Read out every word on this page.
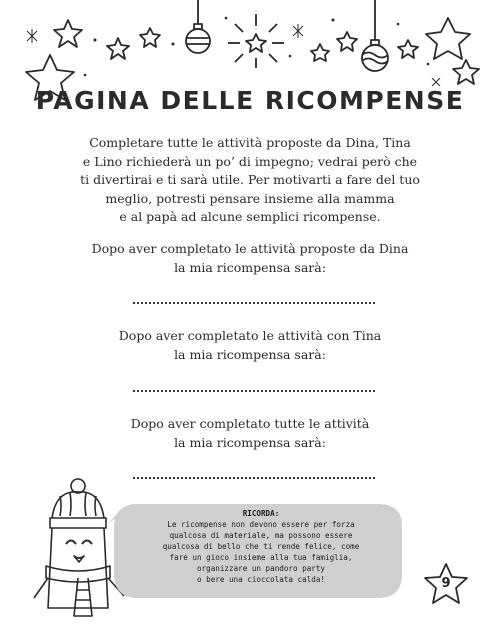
PAGINA DELLE RICOMPENSE

Completare tutte le attività proposte da Dina, Tina
e Lino richiederà un po’ di impegno; vedrai però che
ti divertirai e ti sarà utile. Per motivarti a fare del tuo
meglio, potresti pensare insieme alla mamma
e al papà ad alcune semplici ricompense.

Dopo aver completato le attività proposte da Dina
la mia ricompensa sarà:
Dopo aver completato le attività con Tina
la mia ricompensa sarà:
Dopo aver completato tutte le attività
la mia ricompensa sarà:
RICORDA:
Le ricompense non devono essere per forza
qualcosa di materiale, ma possono essere
qualcosa di bello che ti rende felice, come
fare un gioco insieme alla tua famiglia,
organizzare un pandoro party
o bere una cioccolata calda!	9
